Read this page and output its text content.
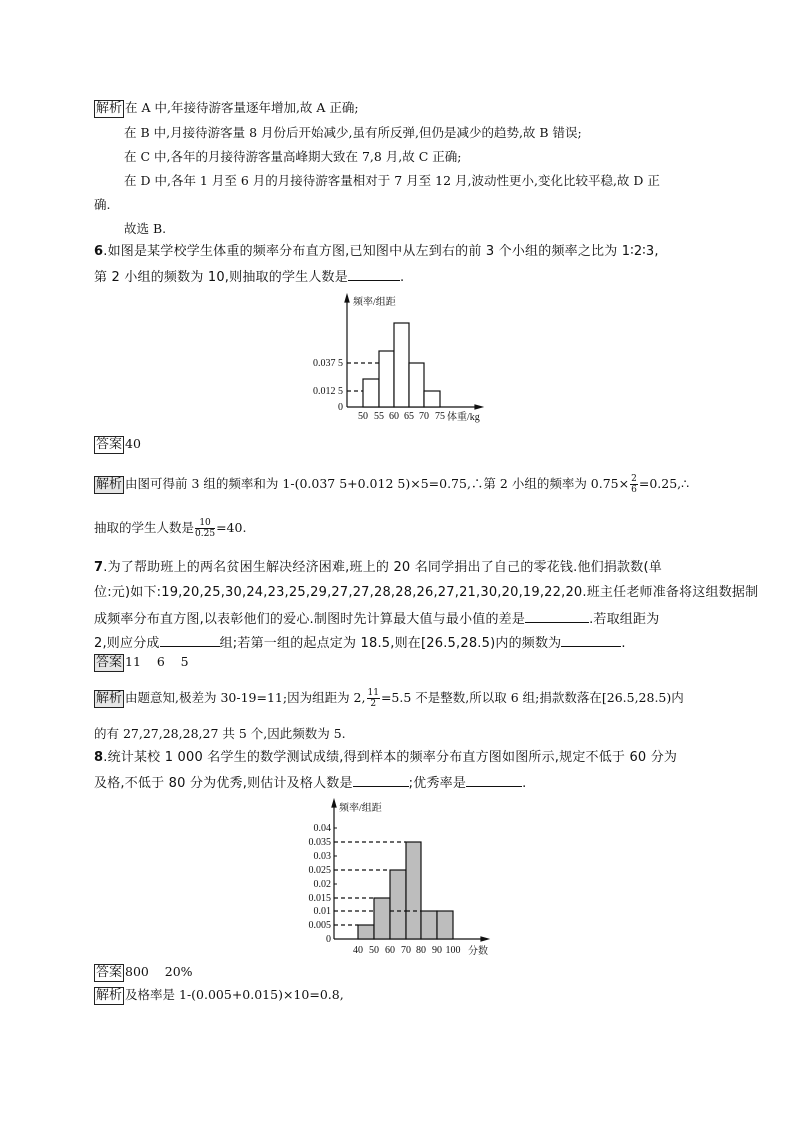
解析 在 A 中,年接待游客量逐年增加,故 A 正确;
在 B 中,月接待游客量 8 月份后开始减少,虽有所反弹,但仍是减少的趋势,故 B 错误;
在 C 中,各年的月接待游客量高峰期大致在 7,8 月,故 C 正确;
在 D 中,各年 1 月至 6 月的月接待游客量相对于 7 月至 12 月,波动性更小,变化比较平稳,故 D 正
确.
故选 B.
6.如图是某学校学生体重的频率分布直方图,已知图中从左到右的前 3 个小组的频率之比为 1∶2∶3,
第 2 小组的频数为 10,则抽取的学生人数是	.
频率/组距
0.037 5
0.012 5
0
50 55 60 65 70 75 体重/kg
答案 40
解析 由图可得前 3 组的频率和为 1-(0.037 5+0.012 5)×5=0.75,∴第 2 小组的频率为 $0.75\times \frac{2}{6}$ =0.25,∴
抽取的学生人数是 $\frac{10}{0.25} =40$.
7.为了帮助班上的两名贫困生解决经济困难,班上的 20 名同学捐出了自己的零花钱.他们捐款数(单
位:元)如下:19,20,25,30,24,23,25,29,27,27,28,28,26,27,21,30,20,19,22,20.班主任老师准备将这组数据制
成频率分布直方图,以表彰他们的爱心.制图时先计算最大值与最小值的差是	.若取组距为
2,则应分成	组;若第一组的起点定为 18.5,则在[26.5,28.5)内的频数为	.
答案 11    6    5
解析 由题意知,极差为 30-19=11;因为组距为 2, $\frac{11}{2} =5.5$ 不是整数,所以取 6 组;捐款数落在[26.5,28.5)内
的有 27,27,28,28,27 共 5 个,因此频数为 5.
8.统计某校 1 000 名学生的数学测试成绩,得到样本的频率分布直方图如图所示,规定不低于 60 分为
及格,不低于 80 分为优秀,则估计及格人数是	;优秀率是	.
频率/组距
0.04
0.035
0.03
0.025
0.02
0.015
0.01
0.005
0
40 50 60 70 80 90 100 分数
答案 800    20%
解析 及格率是 1-(0.005+0.015)×10=0.8,
